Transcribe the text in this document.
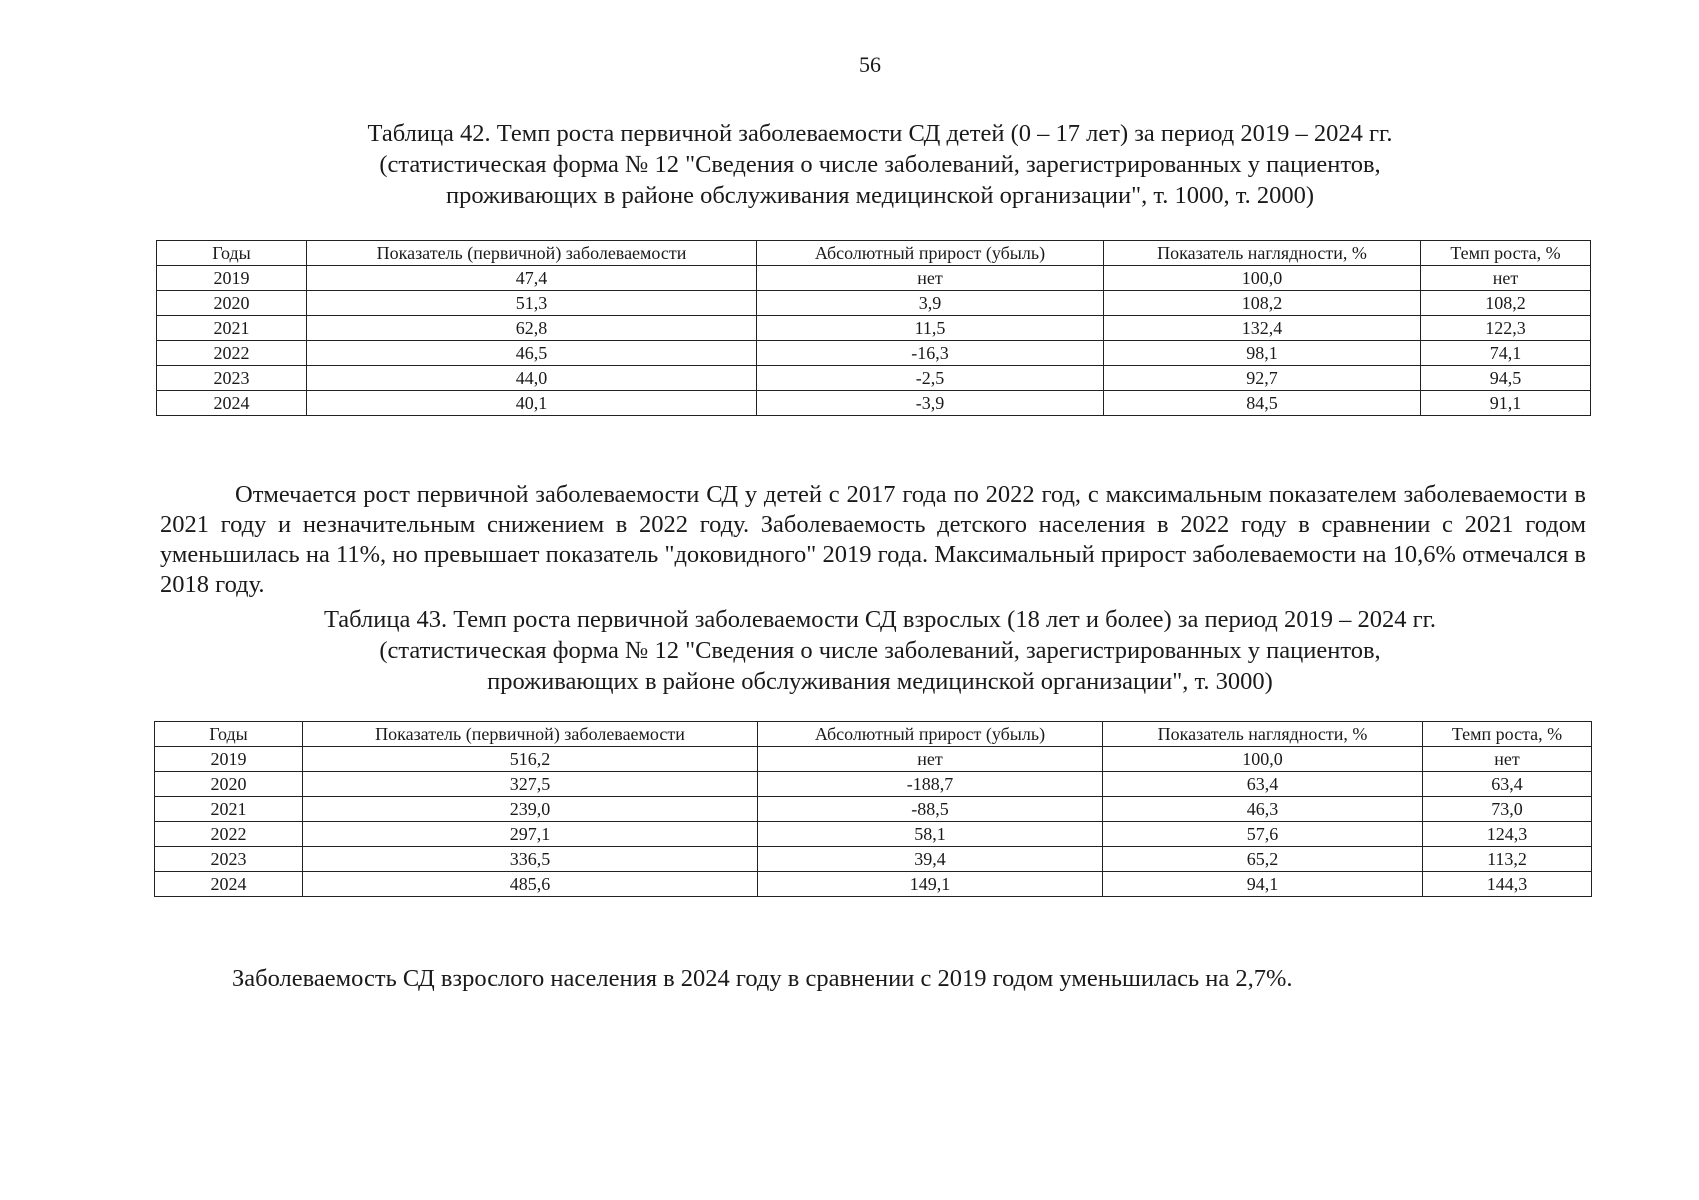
56
Таблица 42. Темп роста первичной заболеваемости СД детей (0 – 17 лет) за период 2019 – 2024 гг.
(статистическая форма № 12 "Сведения о числе заболеваний, зарегистрированных у пациентов,
проживающих в районе обслуживания медицинской организации", т. 1000, т. 2000)
Годы	Показатель (первичной) заболеваемости	Абсолютный прирост (убыль)	Показатель наглядности, %	Темп роста, %
2019	47,4	нет	100,0	нет
2020	51,3	3,9	108,2	108,2
2021	62,8	11,5	132,4	122,3
2022	46,5	-16,3	98,1	74,1
2023	44,0	-2,5	92,7	94,5
2024	40,1	-3,9	84,5	91,1

Отмечается рост первичной заболеваемости СД у детей с 2017 года по 2022 год, с максимальным показателем заболеваемости в 2021 году и незначительным снижением в 2022 году. Заболеваемость детского населения в 2022 году в сравнении с 2021 годом уменьшилась на 11%, но превышает показатель "доковидного" 2019 года. Максимальный прирост заболеваемости на 10,6% отмечался в 2018 году.

Таблица 43. Темп роста первичной заболеваемости СД взрослых (18 лет и более) за период 2019 – 2024 гг.
(статистическая форма № 12 "Сведения о числе заболеваний, зарегистрированных у пациентов,
проживающих в районе обслуживания медицинской организации", т. 3000)
Годы	Показатель (первичной) заболеваемости	Абсолютный прирост (убыль)	Показатель наглядности, %	Темп роста, %
2019	516,2	нет	100,0	нет
2020	327,5	-188,7	63,4	63,4
2021	239,0	-88,5	46,3	73,0
2022	297,1	58,1	57,6	124,3
2023	336,5	39,4	65,2	113,2
2024	485,6	149,1	94,1	144,3

Заболеваемость СД взрослого населения в 2024 году в сравнении с 2019 годом уменьшилась на 2,7%.
